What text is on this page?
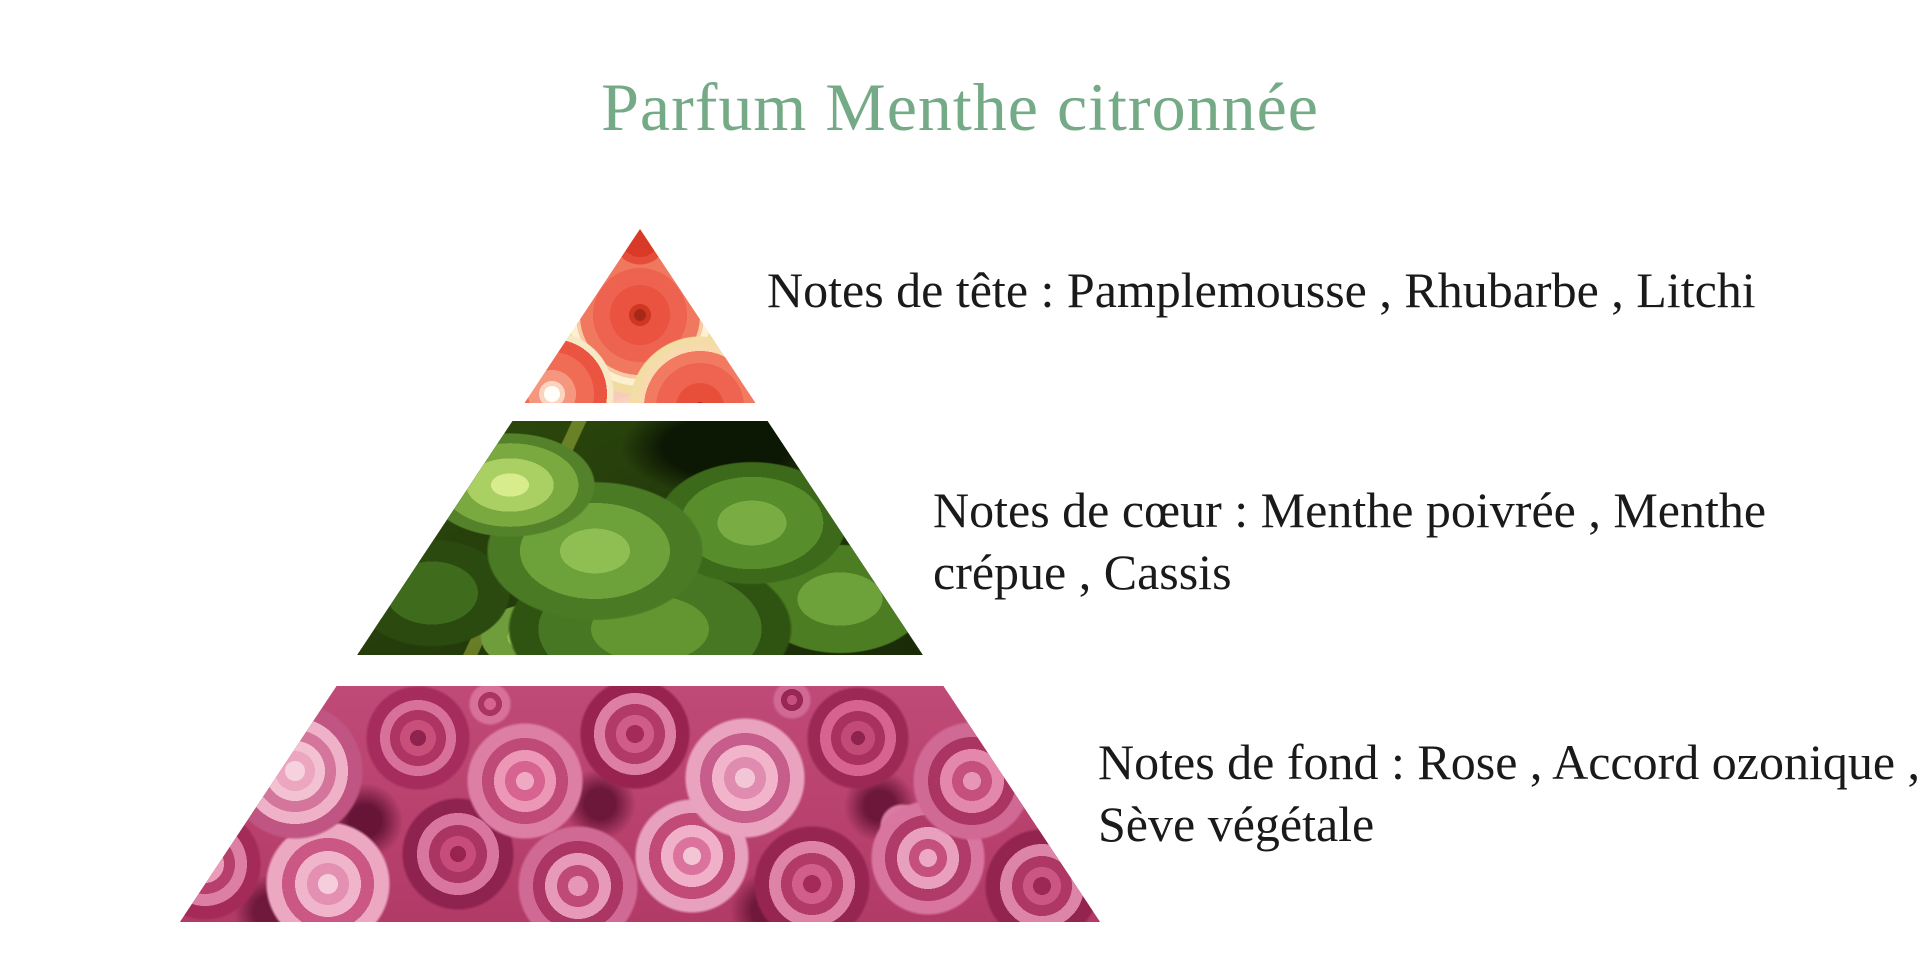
Parfum Menthe citronnée
Notes de tête : Pamplemousse , Rhubarbe , Litchi
Notes de cœur : Menthe poivrée , Menthe
crépue , Cassis
Notes de fond : Rose , Accord ozonique ,
Sève végétale
